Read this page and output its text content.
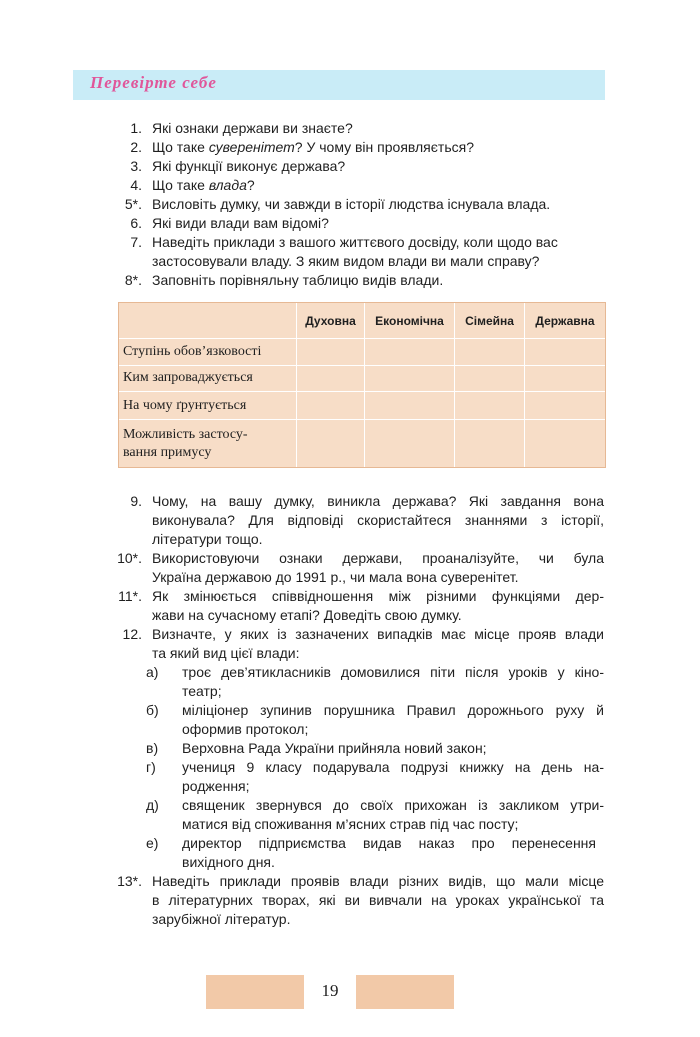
Перевірте себе
1. Які ознаки держави ви знаєте?
2. Що таке суверенітет? У чому він проявляється?
3. Які функції виконує держава?
4. Що таке влада?
5*. Висловіть думку, чи завжди в історії людства існувала влада.
6. Які види влади вам відомі?
7. Наведіть приклади з вашого життєвого досвіду, коли щодо вас
застосовували владу. З яким видом влади ви мали справу?
8*. Заповніть порівняльну таблицю видів влади.
	Духовна	Економічна	Сімейна	Державна
Ступінь обов’язковості				
Ким запроваджується				
На чому ґрунтується				
Можливість застосу-
вання примусу				
9. Чому, на вашу думку, виникла держава? Які завдання вона
виконувала? Для відповіді скористайтеся знаннями з історії,
літератури тощо.
10*. Використовуючи ознаки держави, проаналізуйте, чи була
Україна державою до 1991 р., чи мала вона суверенітет.
11*. Як змінюється співвідношення між різними функціями дер-
жави на сучасному етапі? Доведіть свою думку.
12. Визначте, у яких із зазначених випадків має місце прояв влади
та який вид цієї влади:
а)	троє дев’ятикласників домовилися піти після уроків у кіно-
театр;
б)	міліціонер зупинив порушника Правил дорожнього руху й
оформив протокол;
в)	Верховна Рада України прийняла новий закон;
г)	учениця 9 класу подарувала подрузі книжку на день на-
родження;
д)	священик звернувся до своїх прихожан із закликом утри-
матися від споживання м’ясних страв під час посту;
е)	директор підприємства видав наказ про перенесення
вихідного дня.
13*. Наведіть приклади проявів влади різних видів, що мали місце
в літературних творах, які ви вивчали на уроках української та
зарубіжної літератур.
19
